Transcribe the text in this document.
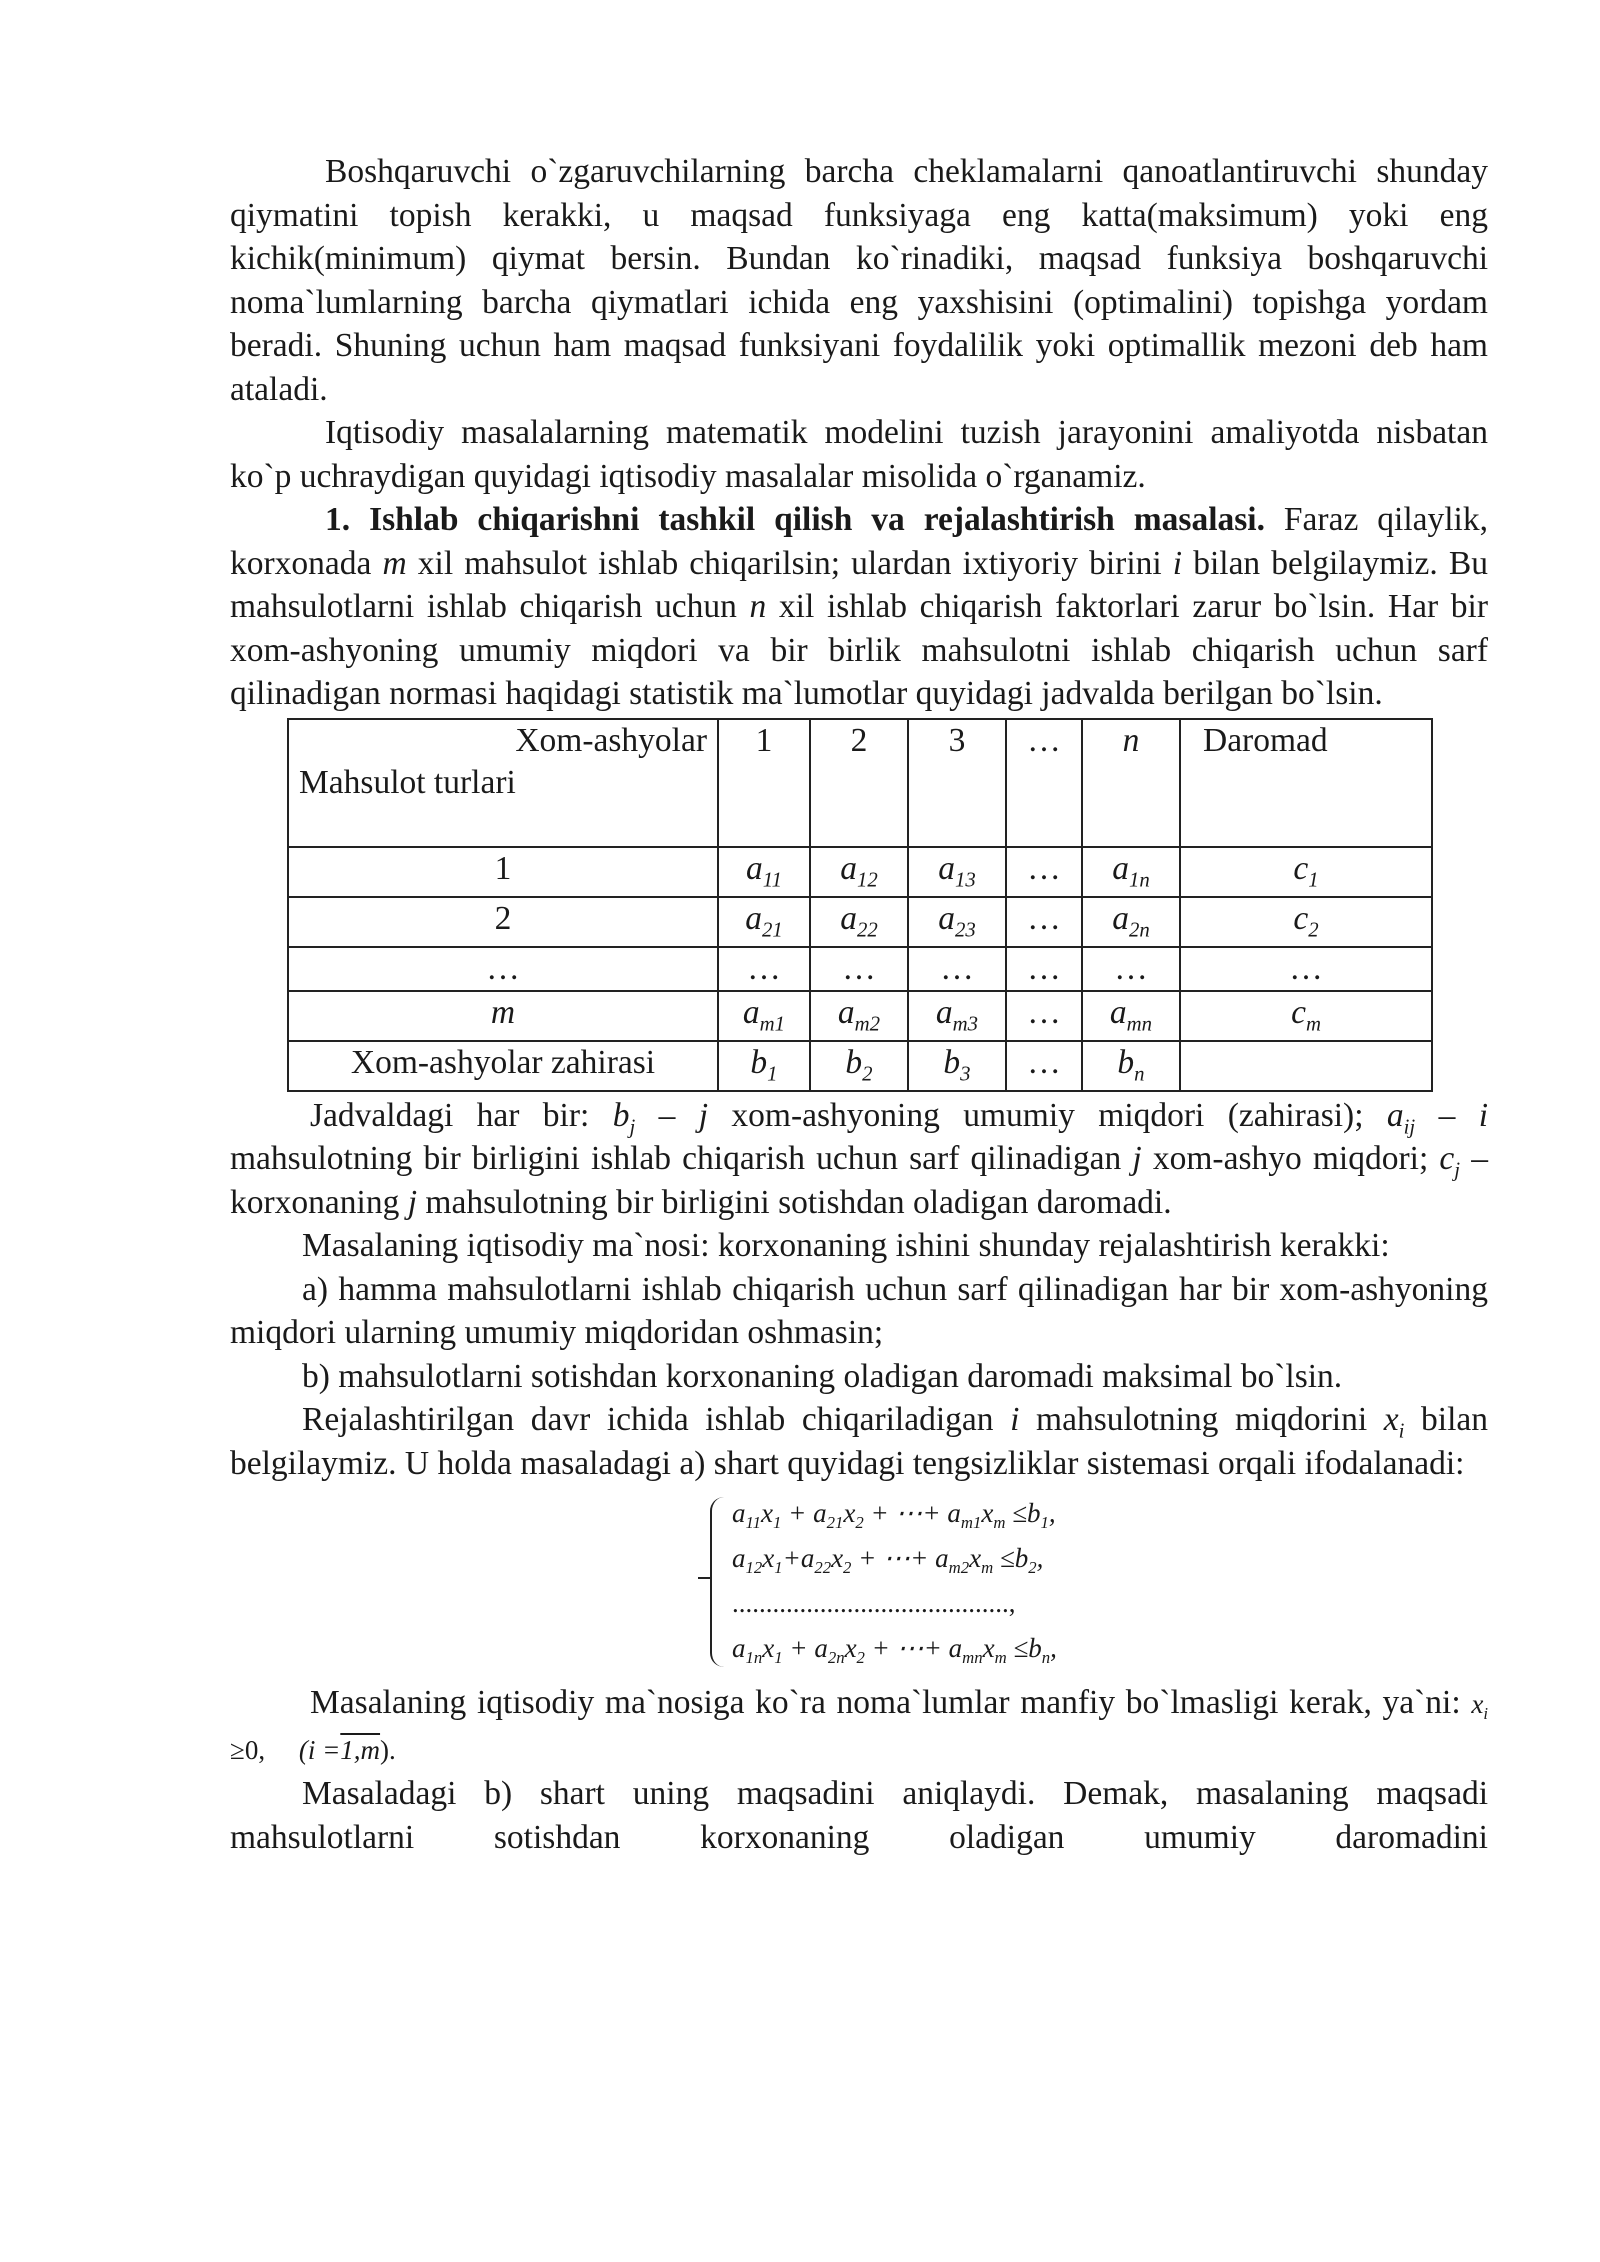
Boshqaruvchi o`zgaruvchilarning barcha cheklamalarni qanoatlantiruvchi shunday qiymatini topish kerakki, u maqsad funksiyaga eng katta(maksimum) yoki eng kichik(minimum) qiymat bersin. Bundan ko`rinadiki, maqsad funksiya boshqaruvchi noma`lumlarning barcha qiymatlari ichida eng yaxshisini (optimalini) topishga yordam beradi. Shuning uchun ham maqsad funksiyani foydalilik yoki optimallik mezoni deb ham ataladi.

Iqtisodiy masalalarning matematik modelini tuzish jarayonini amaliyotda nisbatan ko`p uchraydigan quyidagi iqtisodiy masalalar misolida o`rganamiz.

1. Ishlab chiqarishni tashkil qilish va rejalashtirish masalasi. Faraz qilaylik, korxonada m xil mahsulot ishlab chiqarilsin; ulardan ixtiyoriy birini i bilan belgilaymiz. Bu mahsulotlarni ishlab chiqarish uchun n xil ishlab chiqarish faktorlari zarur bo`lsin. Har bir xom-ashyoning umumiy miqdori va bir birlik mahsulotni ishlab chiqarish uchun sarf qilinadigan normasi haqidagi statistik ma`lumotlar quyidagi jadvalda berilgan bo`lsin.

Xom-ashyolar
Mahsulot turlari	1	2	3	…	n	Daromad
1	$a_{11}$	$a_{12}$	$a_{13}$	…	$a_{1n}$	$c_1$
2	$a_{21}$	$a_{22}$	$a_{23}$	…	$a_{2n}$	$c_2$
…	…	…	…	…	…	…
m	$a_{m1}$	$a_{m2}$	$a_{m3}$	…	$a_{mn}$	$c_m$
Xom-ashyolar zahirasi	$b_1$	$b_2$	$b_3$	…	$b_n$	

Jadvaldagi har bir: $b_j$ – j xom-ashyoning umumiy miqdori (zahirasi); $a_{ij}$ – i mahsulotning bir birligini ishlab chiqarish uchun sarf qilinadigan j xom-ashyo miqdori; $c_j$ – korxonaning j mahsulotning bir birligini sotishdan oladigan daromadi.

Masalaning iqtisodiy ma`nosi: korxonaning ishini shunday rejalashtirish kerakki:

a) hamma mahsulotlarni ishlab chiqarish uchun sarf qilinadigan har bir xom-ashyoning miqdori ularning umumiy miqdoridan oshmasin;

b) mahsulotlarni sotishdan korxonaning oladigan daromadi maksimal bo`lsin.

Rejalashtirilgan davr ichida ishlab chiqariladigan i mahsulotning miqdorini $x_i$ bilan belgilaymiz. U holda masaladagi a) shart quyidagi tengsizliklar sistemasi orqali ifodalanadi:

$a_{11}x_1 + a_{21}x_2$ + ⋯+ $a_{m1}x_m \le b_1$,
$a_{12}x_1+a_{22}x_2$ + ⋯+ $a_{m2}x_m \le b_2$,
.........................................,
$a_{1n}x_1 + a_{2n}x_2$ + ⋯+ $a_{mn}x_m \le b_n$,

Masalaning iqtisodiy ma`nosiga ko`ra noma`lumlar manfiy bo`lmasligi kerak, ya`ni: $x_i \ge 0$, (i =1,m).

Masaladagi b) shart uning maqsadini aniqlaydi. Demak, masalaning maqsadi mahsulotlarni sotishdan korxonaning oladigan umumiy daromadini
